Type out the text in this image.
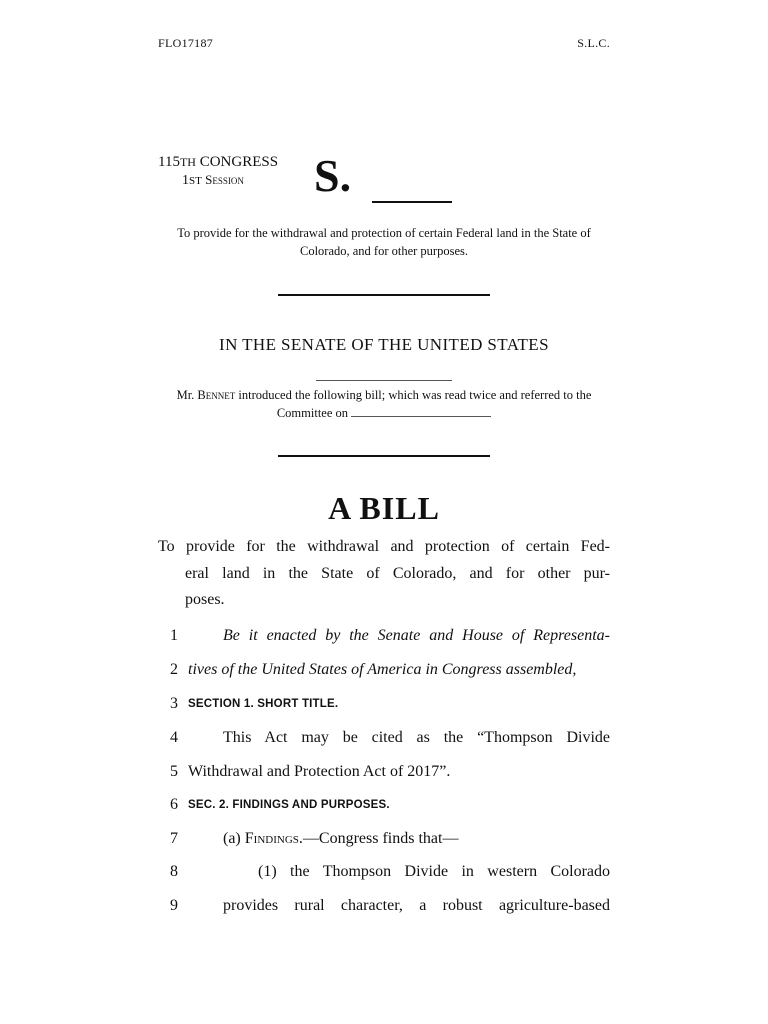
FLO17187	S.L.C.
115TH CONGRESS
1ST Session S.
To provide for the withdrawal and protection of certain Federal land in the State of Colorado, and for other purposes.
IN THE SENATE OF THE UNITED STATES
Mr. Bennet introduced the following bill; which was read twice and referred to the Committee on
A BILL
To provide for the withdrawal and protection of certain Fed-
eral land in the State of Colorado, and for other pur-
poses.
1	Be it enacted by the Senate and House of Representa-
2 tives of the United States of America in Congress assembled,
3 SECTION 1. SHORT TITLE.
4	This Act may be cited as the “Thompson Divide
5 Withdrawal and Protection Act of 2017”.
6 SEC. 2. FINDINGS AND PURPOSES.
7	(a) Findings.—Congress finds that—
8	(1) the Thompson Divide in western Colorado
9	provides rural character, a robust agriculture-based
